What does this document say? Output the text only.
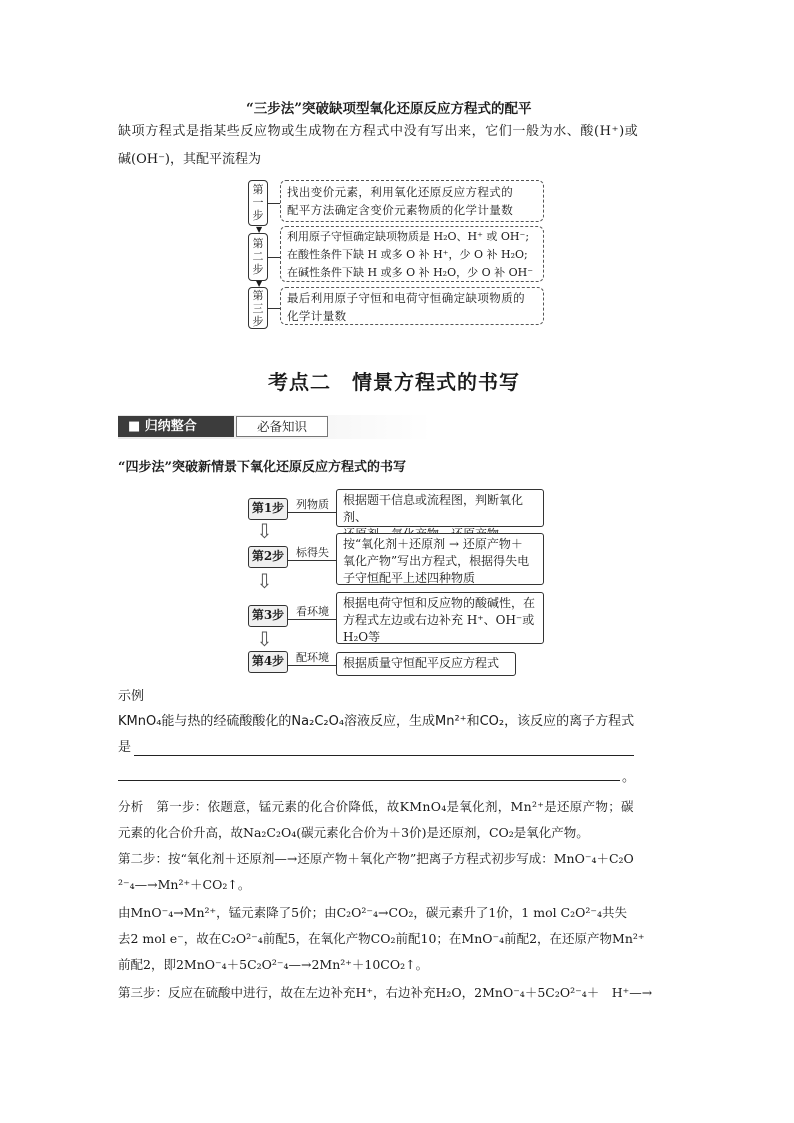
“三步法”突破缺项型氧化还原反应方程式的配平
缺项方程式是指某些反应物或生成物在方程式中没有写出来，它们一般为水、酸(H⁺)或
碱(OH⁻)，其配平流程为
第一步
第二步
第三步
▼
▼
找出变价元素，利用氧化还原反应方程式的
配平方法确定含变价元素物质的化学计量数
利用原子守恒确定缺项物质是 H₂O、H⁺ 或 OH⁻;
在酸性条件下缺 H 或多 O 补 H⁺，少 O 补 H₂O;
在碱性条件下缺 H 或多 O 补 H₂O，少 O 补 OH⁻
最后利用原子守恒和电荷守恒确定缺项物质的
化学计量数
考点二　情景方程式的书写
■ 归纳整合	必备知识
“四步法”突破新情景下氧化还原反应方程式的书写
第1步
第2步
第3步
第4步
⇩
⇩
⇩
列物质
标得失
看环境
配环境
根据题干信息或流程图，判断氧化剂、
按“氧化剂＋还原剂 → 还原产物＋
氧化产物”写出方程式，根据得失电
子守恒配平上述四种物质
根据电荷守恒和反应物的酸碱性，在
方程式左边或右边补充 H⁺、OH⁻或
H₂O等
根据质量守恒配平反应方程式
示例
KMnO₄能与热的经硫酸酸化的Na₂C₂O₄溶液反应，生成Mn²⁺和CO₂，该反应的离子方程式
是
。
分析　第一步：依题意，锰元素的化合价降低，故KMnO₄是氧化剂，Mn²⁺是还原产物；碳
元素的化合价升高，故Na₂C₂O₄(碳元素化合价为＋3价)是还原剂，CO₂是氧化产物。
第二步：按“氧化剂＋还原剂—→还原产物＋氧化产物”把离子方程式初步写成：MnO⁻₄＋C₂O
²⁻₄—→Mn²⁺＋CO₂↑。
由MnO⁻₄→Mn²⁺，锰元素降了5价；由C₂O²⁻₄→CO₂，碳元素升了1价，1 mol C₂O²⁻₄共失
去2 mol e⁻，故在C₂O²⁻₄前配5，在氧化产物CO₂前配10；在MnO⁻₄前配2，在还原产物Mn²⁺
前配2，即2MnO⁻₄＋5C₂O²⁻₄—→2Mn²⁺＋10CO₂↑。
第三步：反应在硫酸中进行，故在左边补充H⁺，右边补充H₂O，2MnO⁻₄＋5C₂O²⁻₄＋　H⁺—→
